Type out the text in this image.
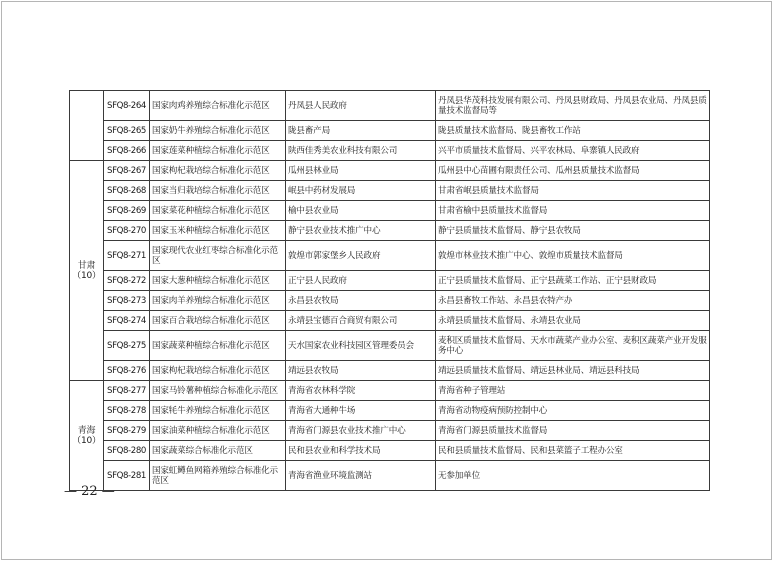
	SFQ8-264	国家肉鸡养殖综合标准化示范区	丹凤县人民政府	丹凤县华茂科技发展有限公司、丹凤县财政局、丹凤县农业局、丹凤县质量技术监督局等
	SFQ8-265	国家奶牛养殖综合标准化示范区	陇县畜产局	陇县质量技术监督局、陇县畜牧工作站
	SFQ8-266	国家莲菜种植综合标准化示范区	陕西佳秀美农业科技有限公司	兴平市质量技术监督局、兴平农林局、阜寨镇人民政府

甘肃
（10）	SFQ8-267	国家枸杞栽培综合标准化示范区	瓜州县林业局	瓜州县中心苗圃有限责任公司、瓜州县质量技术监督局
	SFQ8-268	国家当归栽培综合标准化示范区	岷县中药材发展局	甘肃省岷县质量技术监督局
	SFQ8-269	国家菜花种植综合标准化示范区	榆中县农业局	甘肃省榆中县质量技术监督局
	SFQ8-270	国家玉米种植综合标准化示范区	静宁县农业技术推广中心	静宁县质量技术监督局、静宁县农牧局
	SFQ8-271	国家现代农业红枣综合标准化示范区	敦煌市郭家堡乡人民政府	敦煌市林业技术推广中心、敦煌市质量技术监督局
	SFQ8-272	国家大葱种植综合标准化示范区	正宁县人民政府	正宁县质量技术监督局、正宁县蔬菜工作站、正宁县财政局
	SFQ8-273	国家肉羊养殖综合标准化示范区	永昌县农牧局	永昌县畜牧工作站、永昌县农特产办
	SFQ8-274	国家百合栽培综合标准化示范区	永靖县宝德百合商贸有限公司	永靖县质量技术监督局、永靖县农业局
	SFQ8-275	国家蔬菜种植综合标准化示范区	天水国家农业科技园区管理委员会	麦积区质量技术监督局、天水市蔬菜产业办公室、麦积区蔬菜产业开发服务中心
	SFQ8-276	国家枸杞栽培综合标准化示范区	靖远县农牧局	靖远县质量技术监督局、靖远县林业局、靖远县科技局

青海
（10）	SFQ8-277	国家马铃薯种植综合标准化示范区	青海省农林科学院	青海省种子管理站
	SFQ8-278	国家牦牛养殖综合标准化示范区	青海省大通种牛场	青海省动物疫病预防控制中心
	SFQ8-279	国家油菜种植综合标准化示范区	青海省门源县农业技术推广中心	青海省门源县质量技术监督局
	SFQ8-280	国家蔬菜综合标准化示范区	民和县农业和科学技术局	民和县质量技术监督局、民和县菜篮子工程办公室
	SFQ8-281	国家虹鳟鱼网箱养殖综合标准化示范区	青海省渔业环境监测站	无参加单位
— 22 —
